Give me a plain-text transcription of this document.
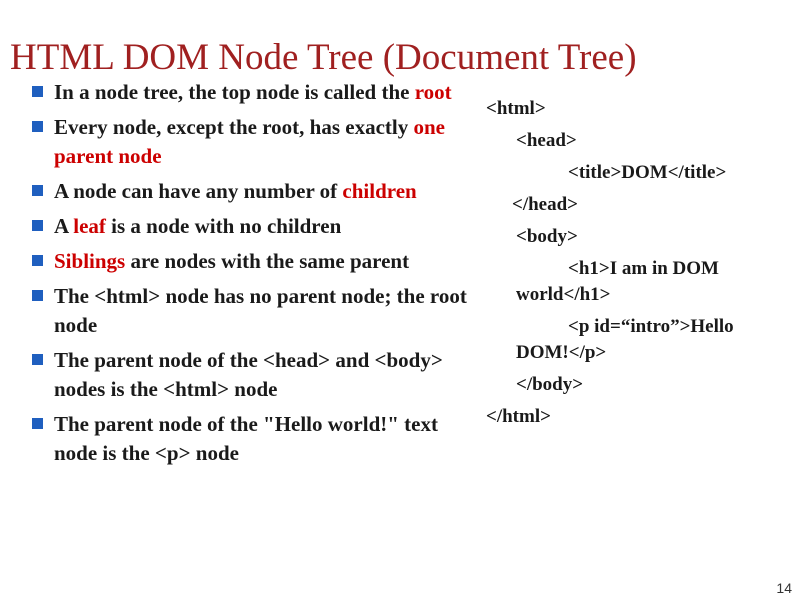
HTML DOM Node Tree (Document Tree)
In a node tree, the top node is called the root
Every node, except the root, has exactly one parent node
A node can have any number of children
A leaf is a node with no children
Siblings are nodes with the same parent
The <html> node has no parent node; the root node
The parent node of the <head> and <body> nodes is the <html> node
The parent node of the "Hello world!" text node is the <p> node
<html>
<head>
<title>DOM</title>
</head>
<body>
<h1>I am in DOM
world</h1>
<p id=“intro”>Hello
DOM!</p>
</body>
</html>
14
